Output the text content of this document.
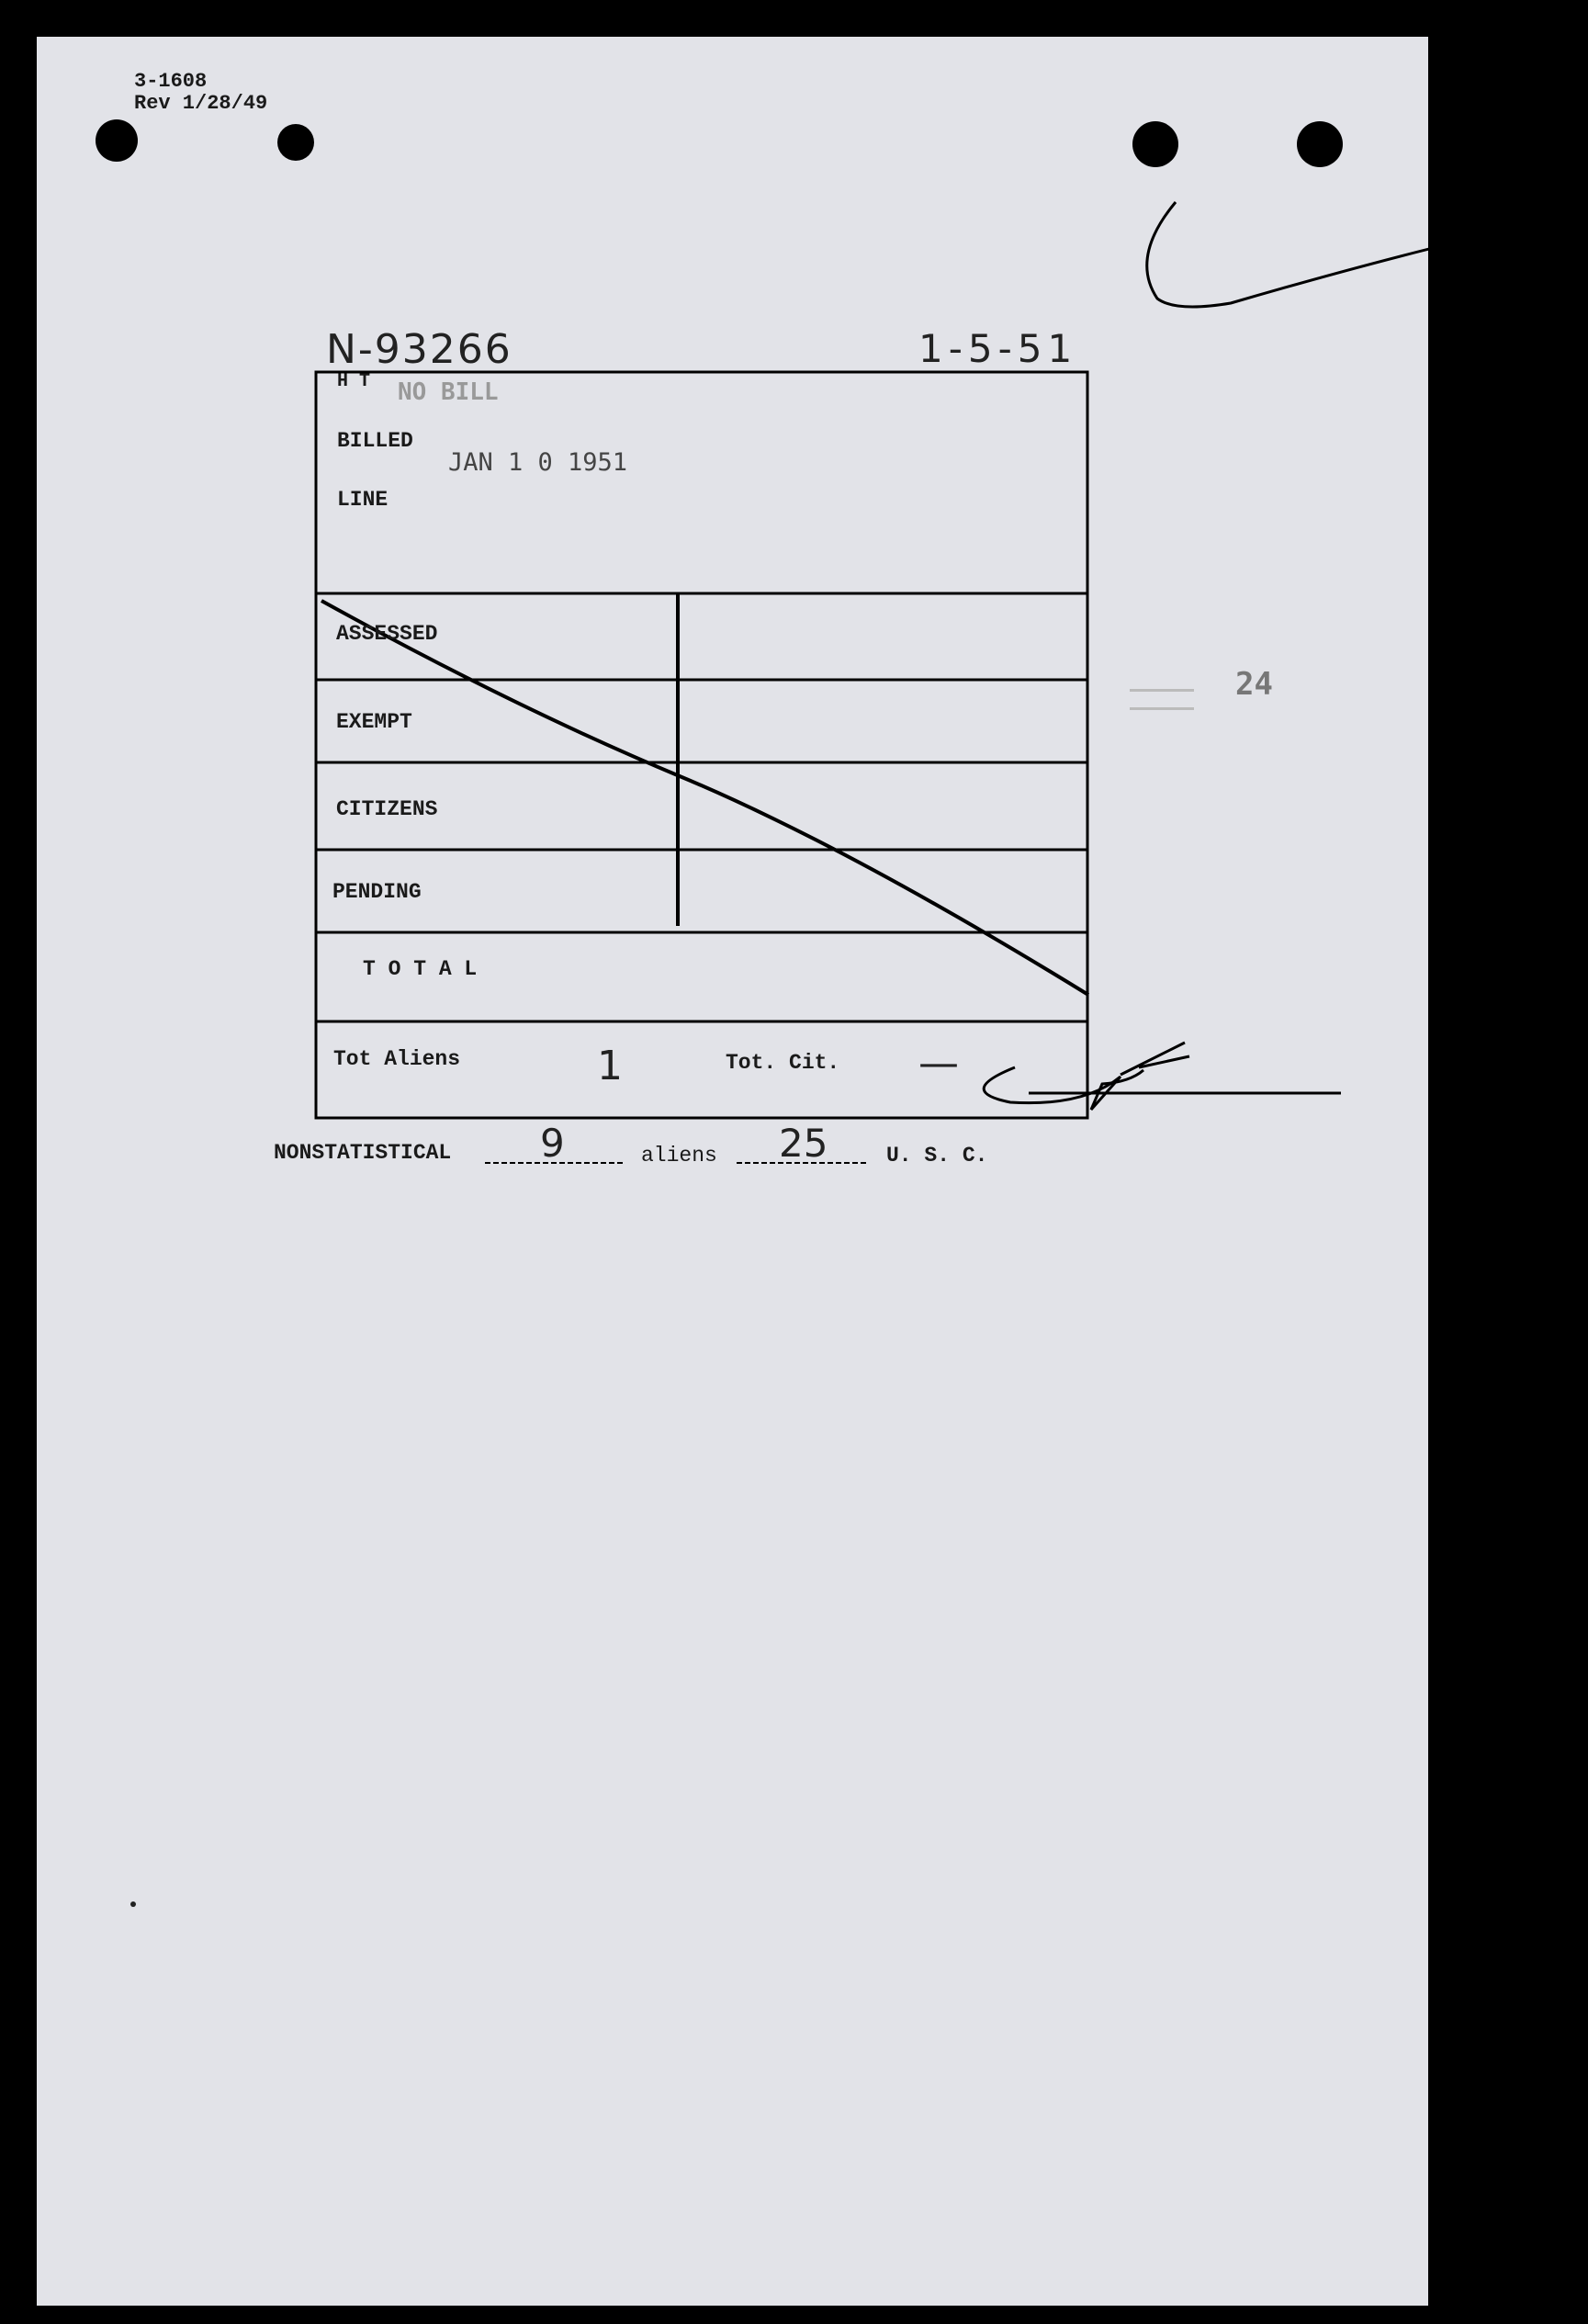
3-1608
Rev 1/28/49
N-93266	1-5-51
NO BILL
JAN 1 0 1951
24
H T
BILLED
LINE
ASSESSED
EXEMPT
CITIZENS
PENDING
T O T A L
Tot Aliens	1	Tot. Cit. —
NONSTATISTICAL 9	aliens 25	U. S. C.
